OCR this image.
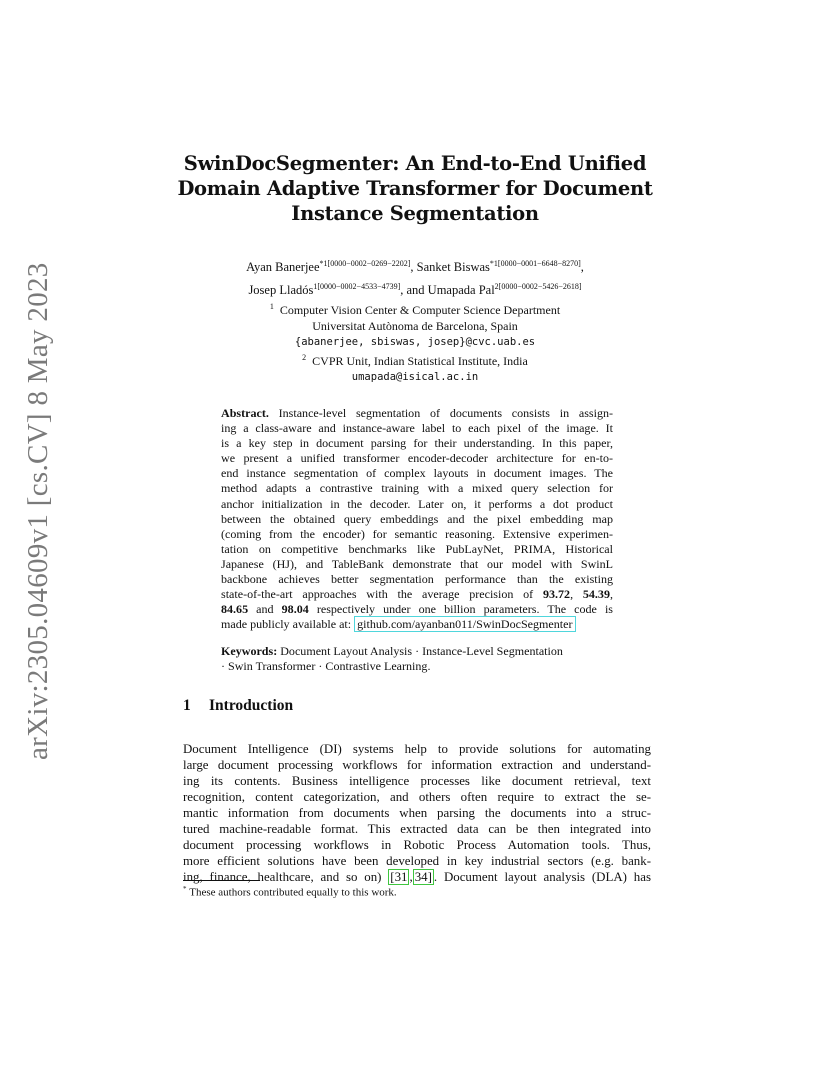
arXiv:2305.04609v1 [cs.CV] 8 May 2023
SwinDocSegmenter: An End-to-End Unified
Domain Adaptive Transformer for Document
Instance Segmentation
Ayan Banerjee$^{*1[0000-0002-0269-2202]}$, Sanket Biswas$^{*1[0000-0001-6648-8270]}$,
Josep Lladós$^{1[0000-0002-4533-4739]}$, and Umapada Pal$^{2[0000-0002-5426-2618]}$
$^1$ Computer Vision Center & Computer Science Department
Universitat Autònoma de Barcelona, Spain
{abanerjee, sbiswas, josep}@cvc.uab.es
$^2$ CVPR Unit, Indian Statistical Institute, India
umapada@isical.ac.in
Abstract. Instance-level segmentation of documents consists in assign-
ing a class-aware and instance-aware label to each pixel of the image. It
is a key step in document parsing for their understanding. In this paper,
we present a unified transformer encoder-decoder architecture for en-to-
end instance segmentation of complex layouts in document images. The
method adapts a contrastive training with a mixed query selection for
anchor initialization in the decoder. Later on, it performs a dot product
between the obtained query embeddings and the pixel embedding map
(coming from the encoder) for semantic reasoning. Extensive experimen-
tation on competitive benchmarks like PubLayNet, PRIMA, Historical
Japanese (HJ), and TableBank demonstrate that our model with SwinL
backbone achieves better segmentation performance than the existing
state-of-the-art approaches with the average precision of 93.72, 54.39,
84.65 and 98.04 respectively under one billion parameters. The code is
made publicly available at: github.com/ayanban011/SwinDocSegmenter
Keywords: Document Layout Analysis · Instance-Level Segmentation
· Swin Transformer · Contrastive Learning.
1 Introduction
Document Intelligence (DI) systems help to provide solutions for automating
large document processing workflows for information extraction and understand-
ing its contents. Business intelligence processes like document retrieval, text
recognition, content categorization, and others often require to extract the se-
mantic information from documents when parsing the documents into a struc-
tured machine-readable format. This extracted data can be then integrated into
document processing workflows in Robotic Process Automation tools. Thus,
more efficient solutions have been developed in key industrial sectors (e.g. bank-
ing, finance, healthcare, and so on) [31 , 34] . Document layout analysis (DLA) has
* These authors contributed equally to this work.
